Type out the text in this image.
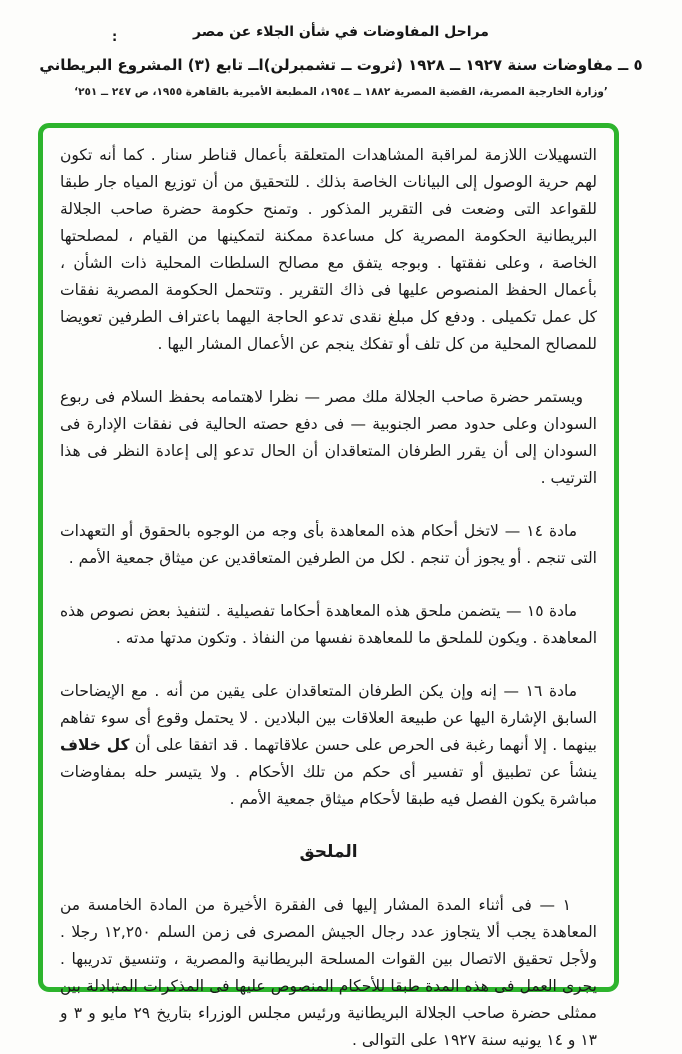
مراحل المفاوضات في شأن الجلاء عن مصر
:
٥ ــ مفاوضات سنة ١٩٢٧ ــ ١٩٢٨ (ثروت ــ تشمبرلن)اــ تابع (٣) المشروع البريطاني
’وزارة الخارجية المصرية، القضية المصرية ١٨٨٢ ــ ١٩٥٤، المطبعة الأميرية بالقاهرة ١٩٥٥، ص ٢٤٧ ــ ٢٥١‘

التسهيلات اللازمة لمراقبة المشاهدات المتعلقة بأعمال قناطر سنار . كما أنه تكون لهم حرية الوصول إلى البيانات الخاصة بذلك . للتحقيق من أن توزيع المياه جار طبقا للقواعد التى وضعت فى التقرير المذكور . وتمنح حكومة حضرة صاحب الجلالة البريطانية الحكومة المصرية كل مساعدة ممكنة لتمكينها من القيام ، لمصلحتها الخاصة ، وعلى نفقتها . وبوجه يتفق مع مصالح السلطات المحلية ذات الشأن ، بأعمال الحفظ المنصوص عليها فى ذاك التقرير . وتتحمل الحكومة المصرية نفقات كل عمل تكميلى . ودفع كل مبلغ نقدى تدعو الحاجة اليهما باعتراف الطرفين تعويضا للمصالح المحلية من كل تلف أو تفكك ينجم عن الأعمال المشار اليها .

ويستمر حضرة صاحب الجلالة ملك مصر — نظرا لاهتمامه بحفظ السلام فى ربوع السودان وعلى حدود مصر الجنوبية — فى دفع حصته الحالية فى نفقات الإدارة فى السودان إلى أن يقرر الطرفان المتعاقدان أن الحال تدعو إلى إعادة النظر فى هذا الترتيب .

مادة ١٤ — لاتخل أحكام هذه المعاهدة بأى وجه من الوجوه بالحقوق أو التعهدات التى تنجم . أو يجوز أن تنجم . لكل من الطرفين المتعاقدين عن ميثاق جمعية الأمم .

مادة ١٥ — يتضمن ملحق هذه المعاهدة أحكاما تفصيلية . لتنفيذ بعض نصوص هذه المعاهدة . ويكون للملحق ما للمعاهدة نفسها من النفاذ . وتكون مدتها مدته .

مادة ١٦ — إنه وإن يكن الطرفان المتعاقدان على يقين من أنه . مع الإيضاحات السابق الإشارة اليها عن طبيعة العلاقات بين البلادين . لا يحتمل وقوع أى سوء تفاهم بينهما . إلا أنهما رغبة فى الحرص على حسن علاقاتهما . قد اتفقا على أن كل خلاف ينشأ عن تطبيق أو تفسير أى حكم من تلك الأحكام . ولا يتيسر حله بمفاوضات مباشرة يكون الفصل فيه طبقا لأحكام ميثاق جمعية الأمم .

الملحق

١ — فى أثناء المدة المشار إليها فى الفقرة الأخيرة من المادة الخامسة من المعاهدة يجب ألا يتجاوز عدد رجال الجيش المصرى فى زمن السلم ١٢,٢٥٠ رجلا . ولأجل تحقيق الاتصال بين القوات المسلحة البريطانية والمصرية ، وتنسيق تدريبها . يجرى العمل فى هذه المدة طبقا للأحكام المنصوص عليها فى المذكرات المتبادلة بين ممثلى حضرة صاحب الجلالة البريطانية ورئيس مجلس الوزراء بتاريخ ٢٩ مايو و ٣ و ١٣ و ١٤ يونيه سنة ١٩٢٧ على التوالى .
